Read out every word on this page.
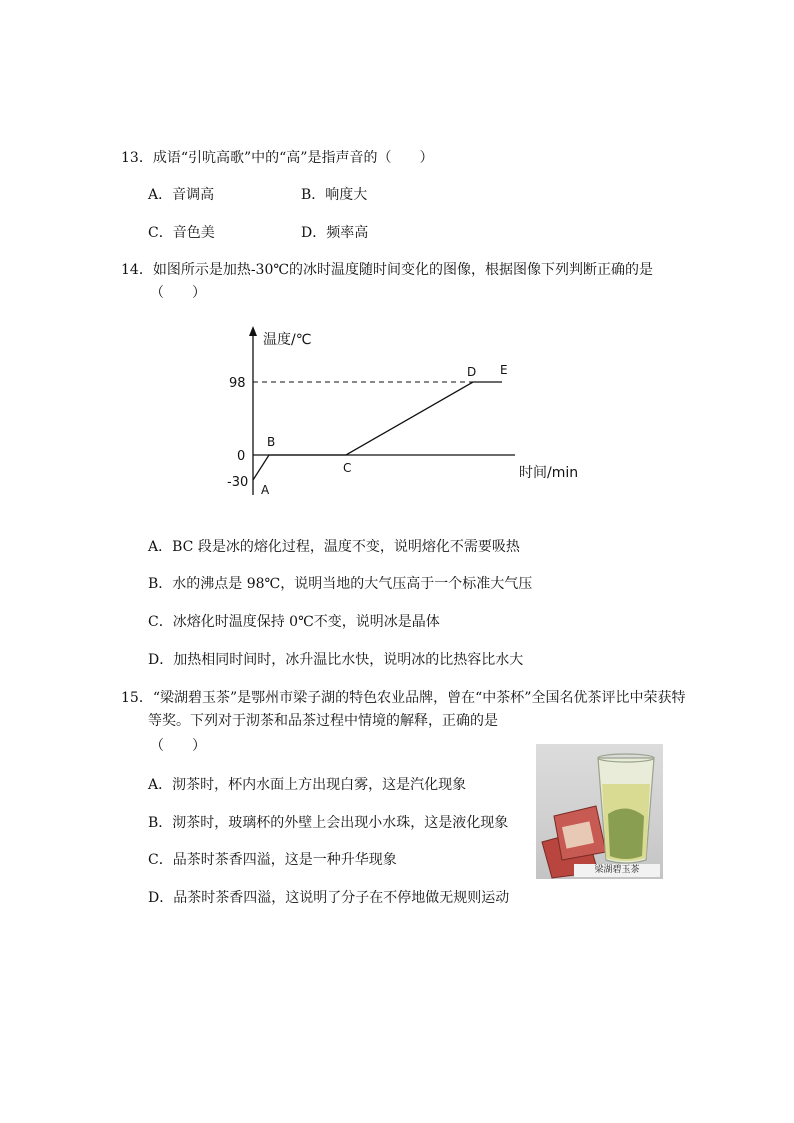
13．成语“引吭高歌”中的“高”是指声音的（　　）
A．音调高	B．响度大
C．音色美	D．频率高
14．如图所示是加热-30℃的冰时温度随时间变化的图像，根据图像下列判断正确的是
（　　）
温度/℃
时间/min
98
0
-30 A
B
C
D E
A．BC 段是冰的熔化过程，温度不变，说明熔化不需要吸热
B．水的沸点是 98℃，说明当地的大气压高于一个标准大气压
C．冰熔化时温度保持 0℃不变，说明冰是晶体
D．加热相同时间时，冰升温比水快，说明冰的比热容比水大
15．“梁湖碧玉茶”是鄂州市梁子湖的特色农业品牌，曾在“中茶杯”全国名优茶评比中荣获特
等奖。下列对于沏茶和品茶过程中情境的解释，正确的是
（　　）
梁湖碧玉茶
A．沏茶时，杯内水面上方出现白雾，这是汽化现象
B．沏茶时，玻璃杯的外壁上会出现小水珠，这是液化现象
C．品茶时茶香四溢，这是一种升华现象
D．品茶时茶香四溢，这说明了分子在不停地做无规则运动
